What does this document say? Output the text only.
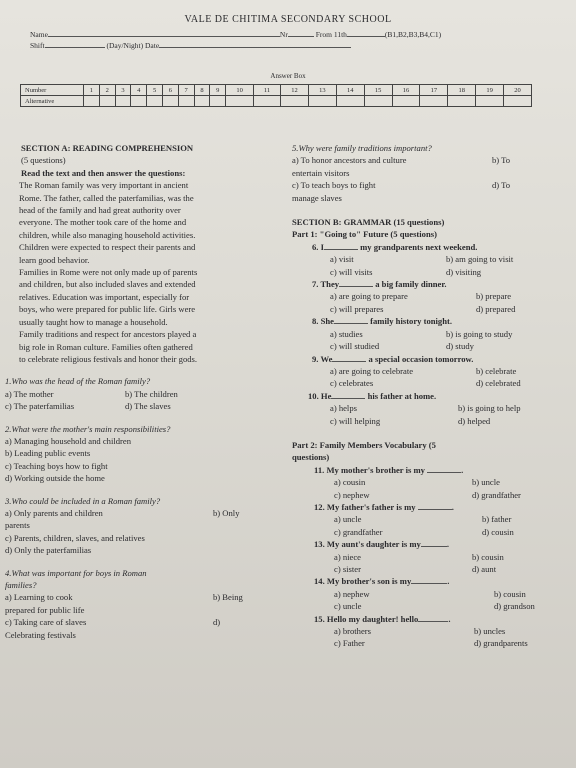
VALE DE CHITIMA SECONDARY SCHOOL
Name	Nr	From 11th	(B1,B2,B3,B4,C1)
Shift	(Day/Night) Date
Answer Box
Number	1	2	3	4	5	6	7	8	9	10	11	12	13	14	15	16	17	18	19	20
Alternative																				
SECTION A: READING COMPREHENSION
(5 questions)
Read the text and then answer the questions:
The Roman family was very important in ancient
Rome. The father, called the paterfamilias, was the
head of the family and had great authority over
everyone. The mother took care of the home and
children, while also managing household activities.
Children were expected to respect their parents and
learn good behavior.
Families in Rome were not only made up of parents
and children, but also included slaves and extended
relatives. Education was important, especially for
boys, who were prepared for public life. Girls were
usually taught how to manage a household.
Family traditions and respect for ancestors played a
big role in Roman culture. Families often gathered
to celebrate religious festivals and honor their gods.
1.Who was the head of the Roman family?
a) The mother	b) The children
c) The paterfamilias	d) The slaves
2.What were the mother's main responsibilities?
a) Managing household and children
b) Leading public events
c) Teaching boys how to fight
d) Working outside the home
3.Who could be included in a Roman family?
a) Only parents and children	b) Only
parents
c) Parents, children, slaves, and relatives
d) Only the paterfamilias
4.What was important for boys in Roman
families?
a) Learning to cook	b) Being
prepared for public life
c) Taking care of slaves	d)
Celebrating festivals
5.Why were family traditions important?
a) To honor ancestors and culture	b) To
entertain visitors
c) To teach boys to fight	d) To
manage slaves
SECTION B: GRAMMAR (15 questions)
Part 1: "Going to" Future (5 questions)
6. I	my grandparents next weekend.
a) visit	b) am going to visit
c) will visits	d) visiting
7. They	a big family dinner.
a) are going to prepare	b) prepare
c) will prepares	d) prepared
8. She	family history tonight.
a) studies	b) is going to study
c) will studied	d) study
9. We	a special occasion tomorrow.
a) are going to celebrate	b) celebrate
c) celebrates	d) celebrated
10. He	his father at home.
a) helps	b) is going to help
c) will helping	d) helped
Part 2: Family Members Vocabulary (5
questions)
11. My mother's brother is my	.
a) cousin	b) uncle
c) nephew	d) grandfather
12. My father's father is my	.
a) uncle	b) father
c) grandfather	d) cousin
13. My aunt's daughter is my	.
a) niece	b) cousin
c) sister	d) aunt
14. My brother's son is my	.
a) nephew	b) cousin
c) uncle	d) grandson
15. Hello my daughter! hello	.
a) brothers	b) uncles
c) Father	d) grandparents
